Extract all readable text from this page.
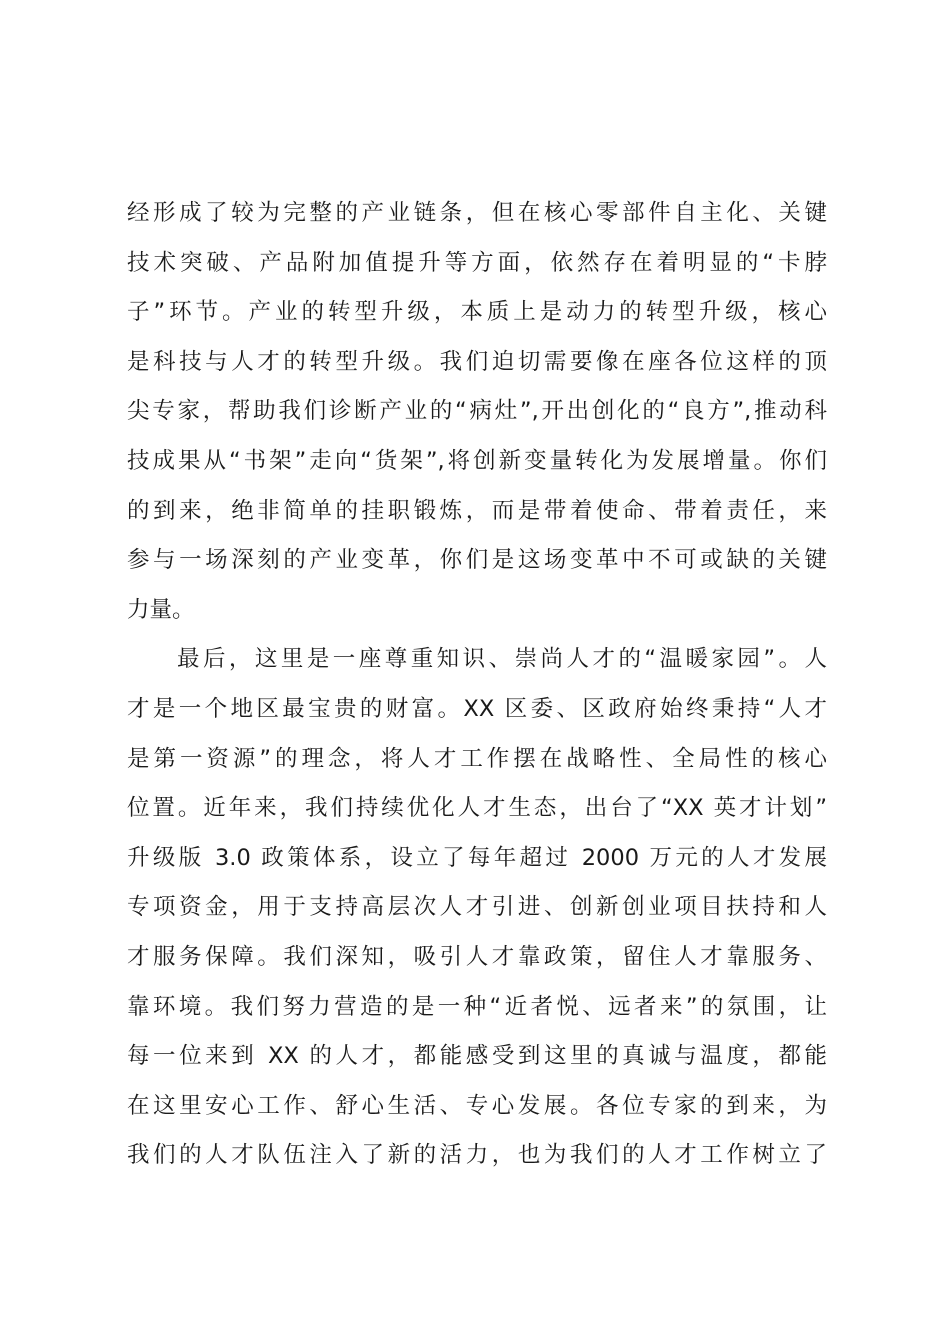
经形成了较为完整的产业链条，但在核心零部件自主化、关键
技术突破、产品附加值提升等方面，依然存在着明显的“卡脖
子”环节。产业的转型升级，本质上是动力的转型升级，核心
是科技与人才的转型升级。我们迫切需要像在座各位这样的顶
尖专家，帮助我们诊断产业的“病灶”,开出创化的“良方”,推动科
技成果从“书架”走向“货架”,将创新变量转化为发展增量。你们
的到来，绝非简单的挂职锻炼，而是带着使命、带着责任，来
参与一场深刻的产业变革，你们是这场变革中不可或缺的关键
力量。
最后，这里是一座尊重知识、崇尚人才的“温暖家园”。人
才是一个地区最宝贵的财富。XX 区委、区政府始终秉持“人才
是第一资源”的理念，将人才工作摆在战略性、全局性的核心
位置。近年来，我们持续优化人才生态，出台了“XX 英才计划”
升级版 3.0 政策体系，设立了每年超过 2000 万元的人才发展
专项资金，用于支持高层次人才引进、创新创业项目扶持和人
才服务保障。我们深知，吸引人才靠政策，留住人才靠服务、
靠环境。我们努力营造的是一种“近者悦、远者来”的氛围，让
每一位来到 XX 的人才，都能感受到这里的真诚与温度，都能
在这里安心工作、舒心生活、专心发展。各位专家的到来，为
我们的人才队伍注入了新的活力，也为我们的人才工作树立了
